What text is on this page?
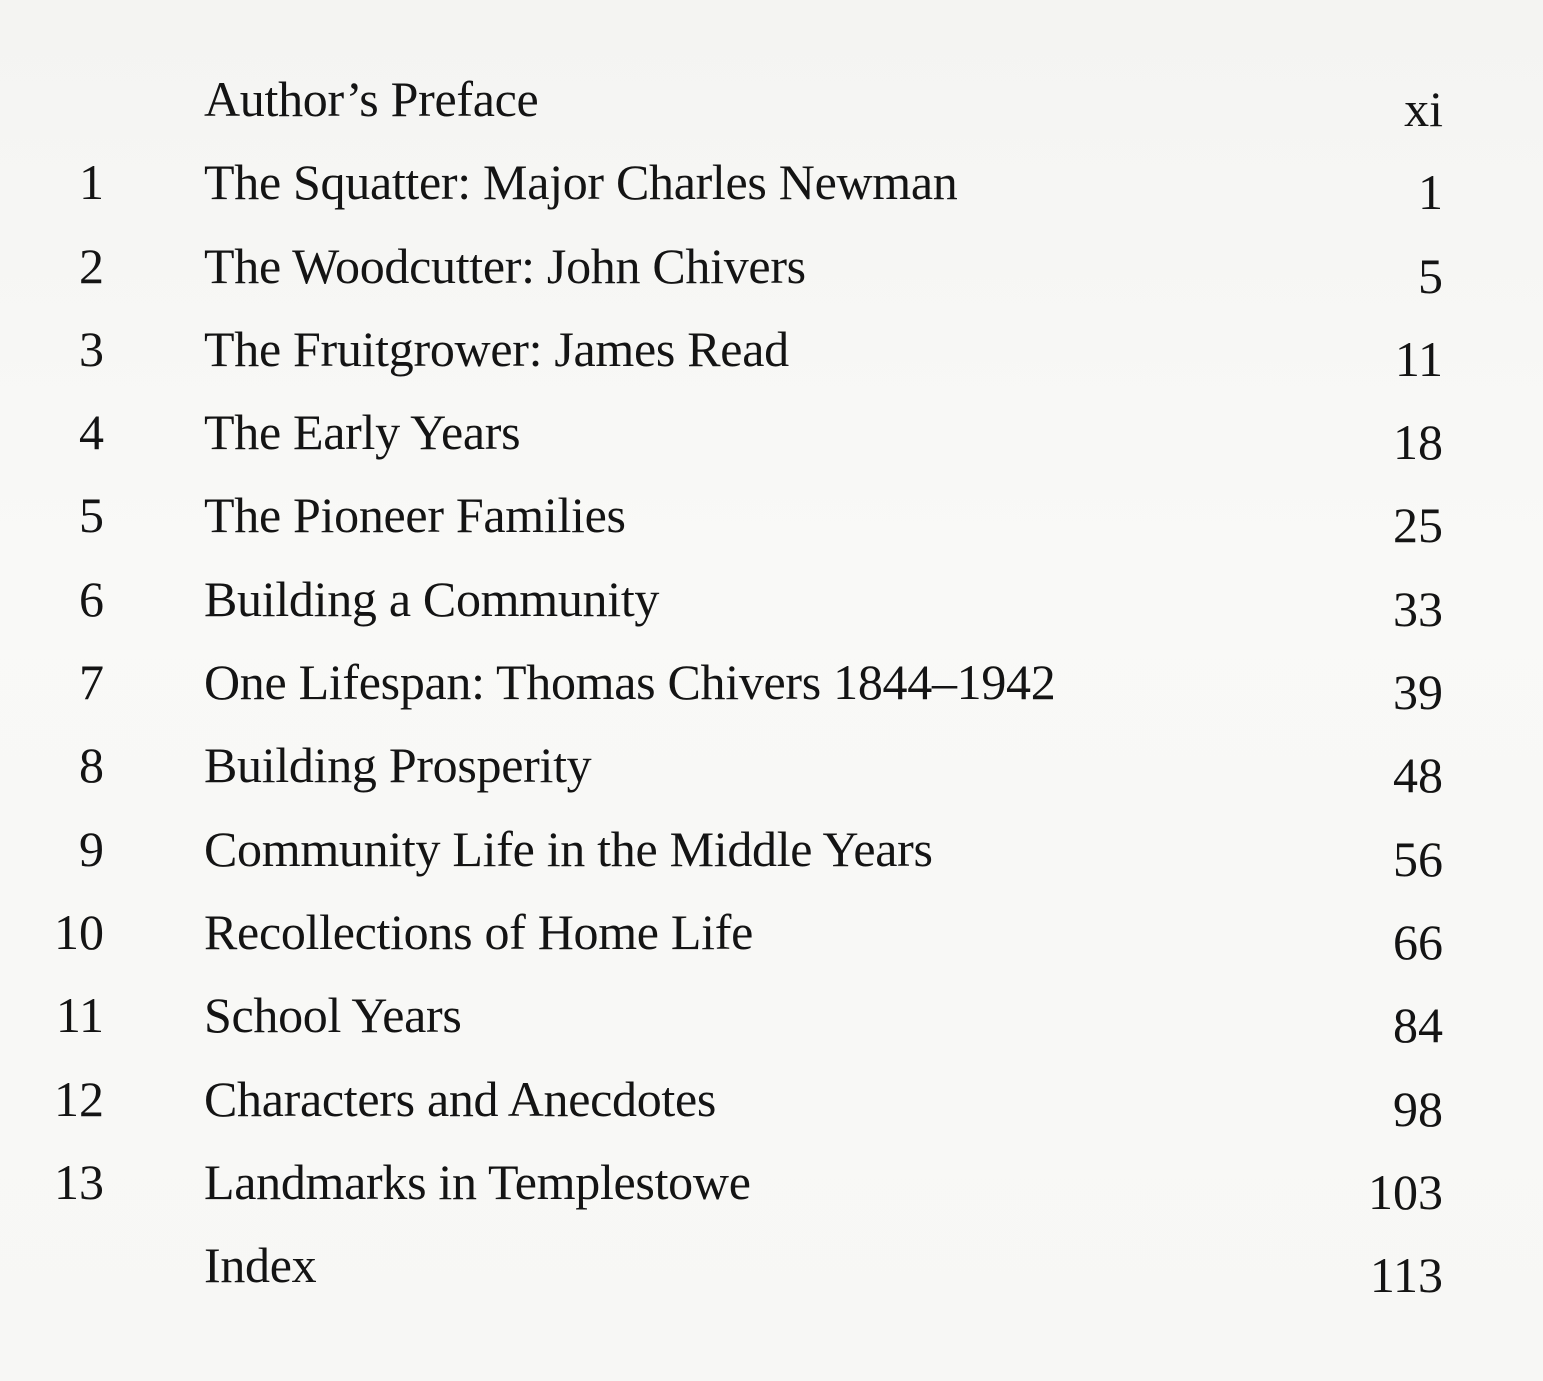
Author’s Preface	xi
1 The Squatter: Major Charles Newman	1
2 The Woodcutter: John Chivers	5
3 The Fruitgrower: James Read	11
4 The Early Years	18
5 The Pioneer Families	25
6 Building a Community	33
7 One Lifespan: Thomas Chivers 1844–1942	39
8 Building Prosperity	48
9 Community Life in the Middle Years	56
10 Recollections of Home Life	66
11 School Years	84
12 Characters and Anecdotes	98
13 Landmarks in Templestowe	103
Index	113
